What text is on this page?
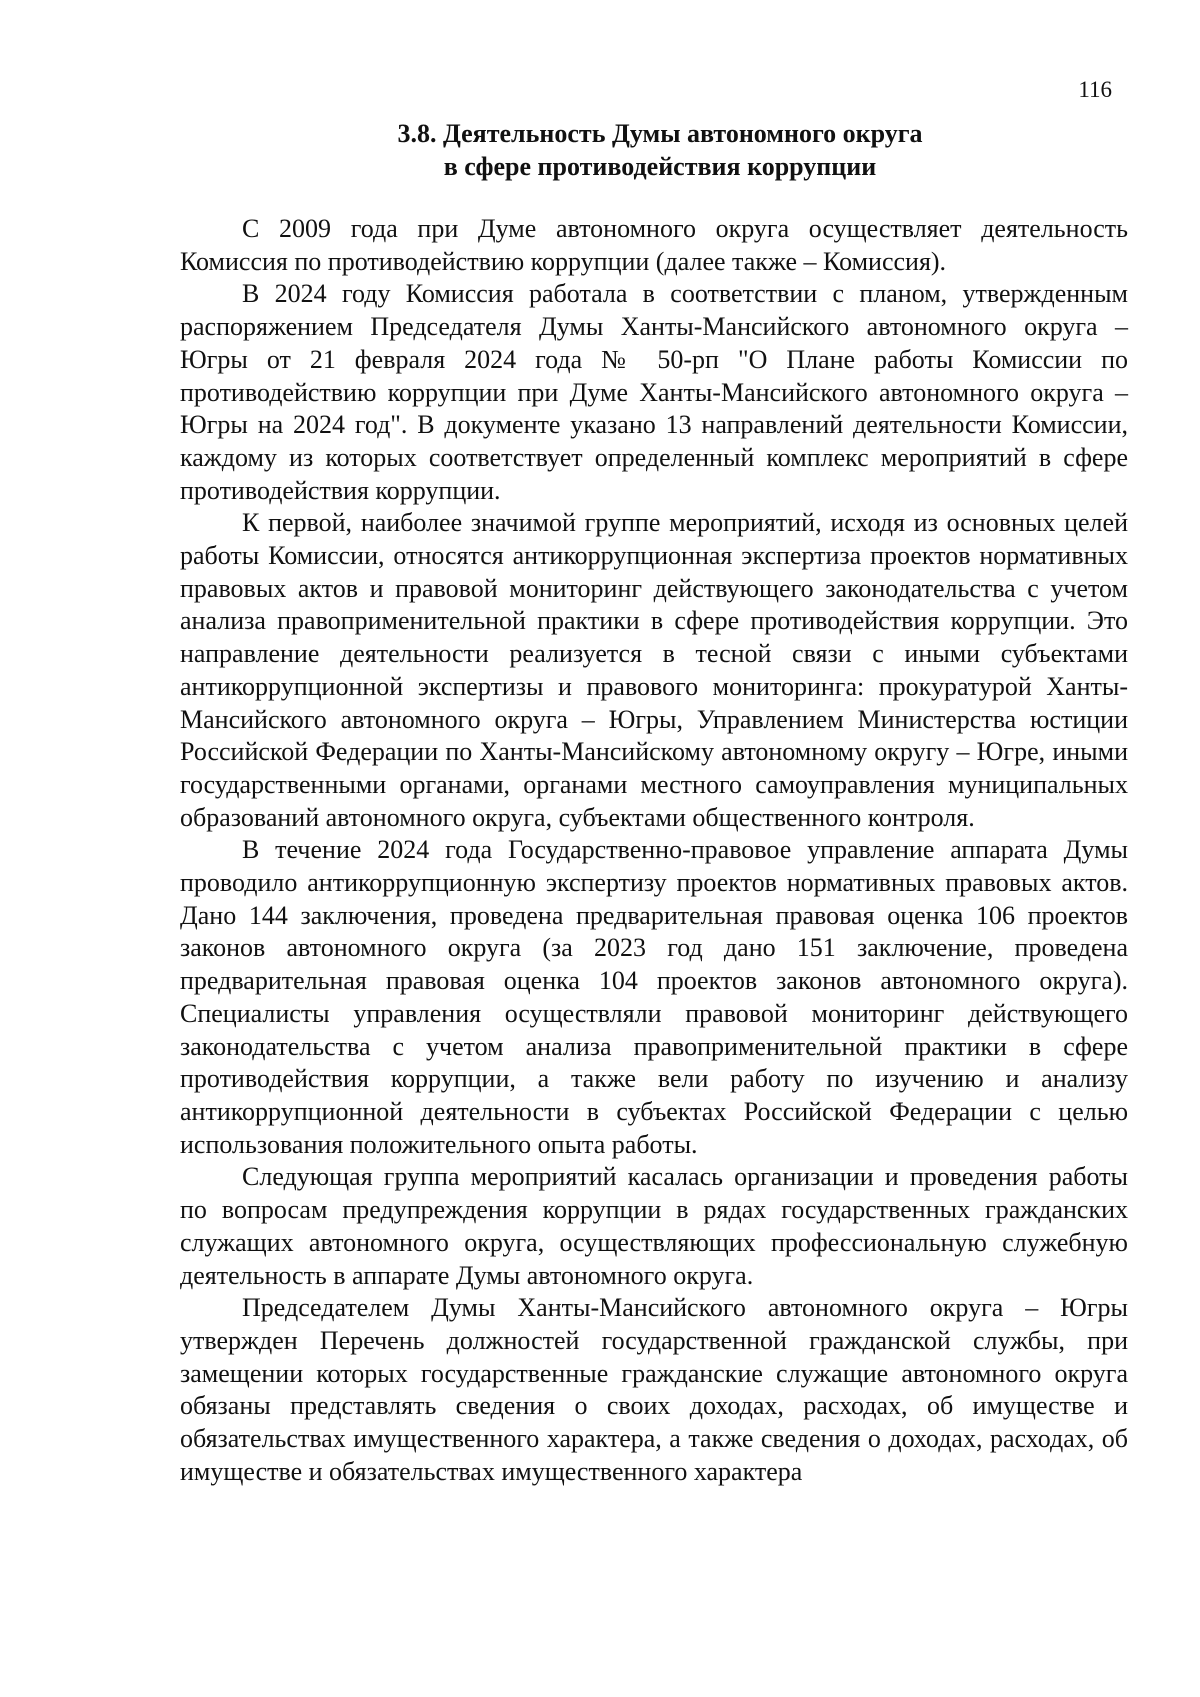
116
3.8. Деятельность Думы автономного округа
в сфере противодействия коррупции

С 2009 года при Думе автономного округа осуществляет деятельность Комиссия по противодействию коррупции (далее также – Комиссия).

В 2024 году Комиссия работала в соответствии с планом, утвержденным распоряжением Председателя Думы Ханты-Мансийского автономного округа – Югры от 21 февраля 2024 года № 50-рп "О Плане работы Комиссии по противодействию коррупции при Думе Ханты-Мансийского автономного округа – Югры на 2024 год". В документе указано 13 направлений деятельности Комиссии, каждому из которых соответствует определенный комплекс мероприятий в сфере противодействия коррупции.

К первой, наиболее значимой группе мероприятий, исходя из основных целей работы Комиссии, относятся антикоррупционная экспертиза проектов нормативных правовых актов и правовой мониторинг действующего законодательства с учетом анализа правоприменительной практики в сфере противодействия коррупции. Это направление деятельности реализуется в тесной связи с иными субъектами антикоррупционной экспертизы и правового мониторинга: прокуратурой Ханты-Мансийского автономного округа – Югры, Управлением Министерства юстиции Российской Федерации по Ханты-Мансийскому автономному округу – Югре, иными государственными органами, органами местного самоуправления муниципальных образований автономного округа, субъектами общественного контроля.

В течение 2024 года Государственно-правовое управление аппарата Думы проводило антикоррупционную экспертизу проектов нормативных правовых актов. Дано 144 заключения, проведена предварительная правовая оценка 106 проектов законов автономного округа (за 2023 год дано 151 заключение, проведена предварительная правовая оценка 104 проектов законов автономного округа). Специалисты управления осуществляли правовой мониторинг действующего законодательства с учетом анализа правоприменительной практики в сфере противодействия коррупции, а также вели работу по изучению и анализу антикоррупционной деятельности в субъектах Российской Федерации с целью использования положительного опыта работы.

Следующая группа мероприятий касалась организации и проведения работы по вопросам предупреждения коррупции в рядах государственных гражданских служащих автономного округа, осуществляющих профессиональную служебную деятельность в аппарате Думы автономного округа.

Председателем Думы Ханты-Мансийского автономного округа – Югры утвержден Перечень должностей государственной гражданской службы, при замещении которых государственные гражданские служащие автономного округа обязаны представлять сведения о своих доходах, расходах, об имуществе и обязательствах имущественного характера, а также сведения о доходах, расходах, об имуществе и обязательствах имущественного характера
